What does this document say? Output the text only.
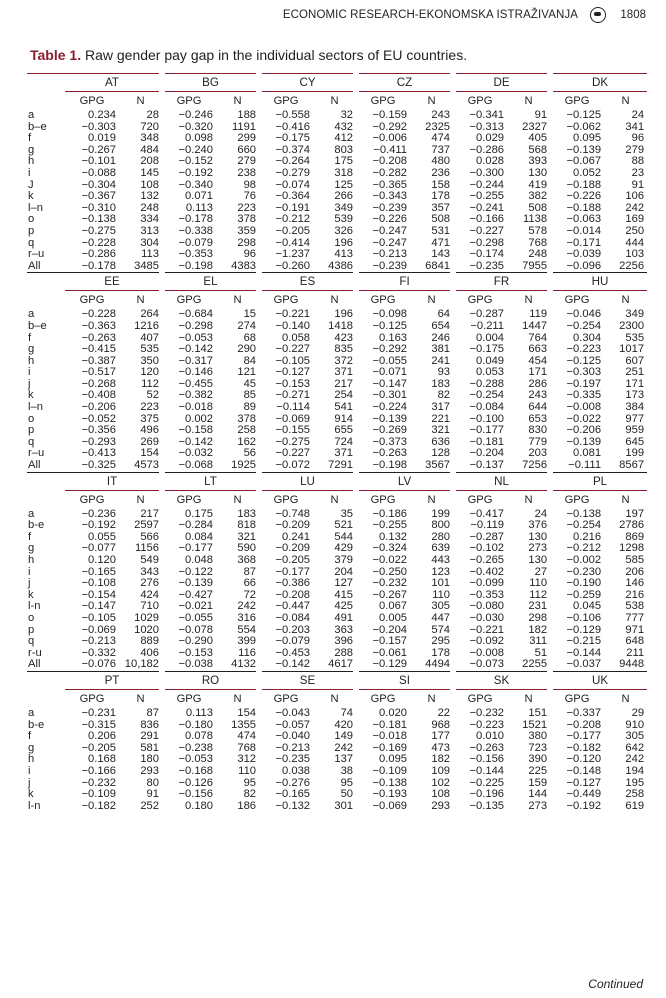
ECONOMIC RESEARCH-EKONOMSKA ISTRAŽIVANJA	1808
Table 1. Raw gender pay gap in the individual sectors of EU countries.
	AT		BG		CY		CZ		DE		DK	
	GPG	N	GPG	N	GPG	N	GPG	N	GPG	N	GPG	N
a	0.234	28	−0.246	188	−0.558	32	−0.159	243	−0.341	91	−0.125	24
b–e	−0.303	720	−0.320	1191	−0.416	432	−0.292	2325	−0.313	2327	−0.062	341
f	0.019	348	0.098	299	−0.175	412	−0.006	474	0.029	405	0.095	96
g	−0.267	484	−0.240	660	−0.374	803	−0.411	737	−0.286	568	−0.139	279
h	−0.101	208	−0.152	279	−0.264	175	−0.208	480	0.028	393	−0.067	88
i	−0.088	145	−0.192	238	−0.279	318	−0.282	236	−0.300	130	0.052	23
J	−0.304	108	−0.340	98	−0.074	125	−0.365	158	−0.244	419	−0.188	91
k	−0.367	132	0.071	76	−0.364	266	−0.343	178	−0.255	382	−0.226	106
l–n	−0.310	248	0.113	223	−0.191	349	−0.239	357	−0.241	508	−0.188	242
o	−0.138	334	−0.178	378	−0.212	539	−0.226	508	−0.166	1138	−0.063	169
p	−0.275	313	−0.338	359	−0.205	326	−0.247	531	−0.227	578	−0.014	250
q	−0.228	304	−0.079	298	−0.414	196	−0.247	471	−0.298	768	−0.171	444
r–u	−0.286	113	−0.353	96	−1.237	413	−0.213	143	−0.174	248	−0.039	103
All	−0.178	3485	−0.198	4383	−0.260	4386	−0.239	6841	−0.235	7955	−0.096	2256
	EE		EL		ES		FI		FR		HU	
	GPG	N	GPG	N	GPG	N	GPG	N	GPG	N	GPG	N
a	−0.228	264	−0.684	15	−0.221	196	−0.098	64	−0.287	119	−0.046	349
b–e	−0.363	1216	−0.298	274	−0.140	1418	−0.125	654	−0.211	1447	−0.254	2300
f	−0.263	407	−0.053	68	0.058	423	0.163	246	0.004	764	0.304	535
g	−0.415	535	−0.142	290	−0.227	835	−0.292	381	−0.175	663	−0.223	1017
h	−0.387	350	−0.317	84	−0.105	372	−0.055	241	0.049	454	−0.125	607
i	−0.517	120	−0.146	121	−0.127	371	−0.071	93	0.053	171	−0.303	251
j	−0.268	112	−0.455	45	−0.153	217	−0.147	183	−0.288	286	−0.197	171
k	−0.408	52	−0.382	85	−0.271	254	−0.301	82	−0.254	243	−0.335	173
l–n	−0.206	223	−0.018	89	−0.114	541	−0.224	317	−0.084	644	−0.008	384
o	−0.052	375	0.002	378	−0.069	914	−0.139	221	−0.100	653	−0.022	977
p	−0.356	496	−0.158	258	−0.155	655	−0.269	321	−0.177	830	−0.206	959
q	−0.293	269	−0.142	162	−0.275	724	−0.373	636	−0.181	779	−0.139	645
r–u	−0.413	154	−0.032	56	−0.227	371	−0.263	128	−0.204	203	0.081	199
All	−0.325	4573	−0.068	1925	−0.072	7291	−0.198	3567	−0.137	7256	−0.111	8567
	IT		LT		LU		LV		NL		PL	
	GPG	N	GPG	N	GPG	N	GPG	N	GPG	N	GPG	N
a	−0.236	217	0.175	183	−0.748	35	−0.186	199	−0.417	24	−0.138	197
b-e	−0.192	2597	−0.284	818	−0.209	521	−0.255	800	−0.119	376	−0.254	2786
f	0.055	566	0.084	321	0.241	544	0.132	280	−0.287	130	0.216	869
g	−0.077	1156	−0.177	590	−0.209	429	−0.324	639	−0.102	273	−0.212	1298
h	0.120	549	0.048	368	−0.205	379	−0.022	443	−0.265	130	−0.002	585
i	−0.165	343	−0.122	87	−0.177	204	−0.250	123	−0.402	27	−0.230	206
j	−0.108	276	−0.139	66	−0.386	127	−0.232	101	−0.099	110	−0.190	146
k	−0.154	424	−0.427	72	−0.208	415	−0.267	110	−0.353	112	−0.259	216
l-n	−0.147	710	−0.021	242	−0.447	425	0.067	305	−0.080	231	0.045	538
o	−0.105	1029	−0.055	316	−0.084	491	0.005	447	−0.030	298	−0.106	777
p	−0.069	1020	−0.078	554	−0.203	363	−0.204	574	−0.221	182	−0.129	971
q	−0.213	889	−0.290	399	−0.079	396	−0.157	295	−0.092	311	−0.215	648
r-u	−0.332	406	−0.153	116	−0.453	288	−0.061	178	−0.008	51	−0.144	211
All	−0.076	10,182	−0.038	4132	−0.142	4617	−0.129	4494	−0.073	2255	−0.037	9448
	PT		RO		SE		SI		SK		UK	
	GPG	N	GPG	N	GPG	N	GPG	N	GPG	N	GPG	N
a	−0.231	87	0.113	154	−0.043	74	0.020	22	−0.232	151	−0.337	29
b-e	−0.315	836	−0.180	1355	−0.057	420	−0.181	968	−0.223	1521	−0.208	910
f	0.206	291	0.078	474	−0.040	149	−0.018	177	0.010	380	−0.177	305
g	−0.205	581	−0.238	768	−0.213	242	−0.169	473	−0.263	723	−0.182	642
h	0.168	180	−0.053	312	−0.235	137	0.095	182	−0.156	390	−0.120	242
i	−0.166	293	−0.168	110	0.038	38	−0.109	109	−0.144	225	−0.148	194
j	−0.232	80	−0.126	95	−0.276	95	−0.138	102	−0.225	159	−0.127	195
k	−0.109	91	−0.156	82	−0.165	50	−0.193	108	−0.196	144	−0.449	258
l-n	−0.182	252	0.180	186	−0.132	301	−0.069	293	−0.135	273	−0.192	619
Continued
